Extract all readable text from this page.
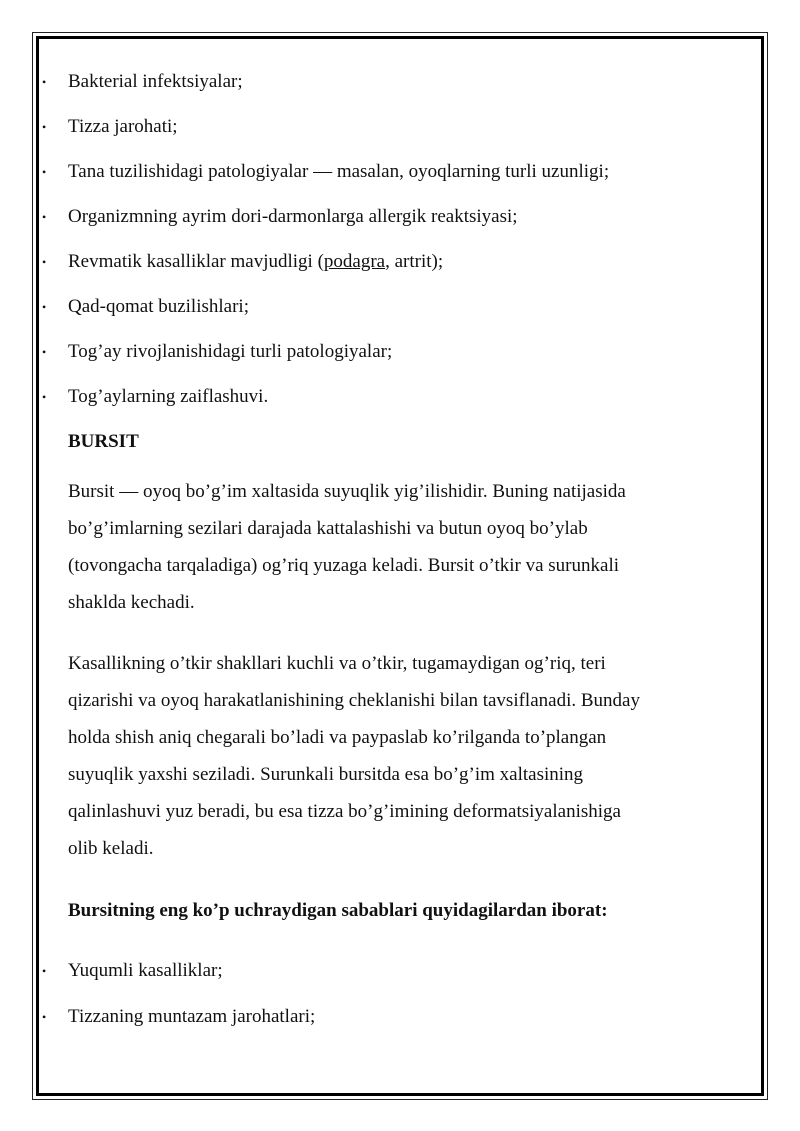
• Bakterial infektsiyalar;
• Tizza jarohati;
• Tana tuzilishidagi patologiyalar — masalan, oyoqlarning turli uzunligi;
• Organizmning ayrim dori-darmonlarga allergik reaktsiyasi;
• Revmatik kasalliklar mavjudligi (podagra, artrit);
• Qad-qomat buzilishlari;
• Tog’ay rivojlanishidagi turli patologiyalar;
• Tog’aylarning zaiflashuvi.
BURSIT
Bursit — oyoq bo’g’im xaltasida suyuqlik yig’ilishidir. Buning natijasida
bo’g’imlarning sezilari darajada kattalashishi va butun oyoq bo’ylab
(tovongacha tarqaladiga) og’riq yuzaga keladi. Bursit o’tkir va surunkali
shaklda kechadi.
Kasallikning o’tkir shakllari kuchli va o’tkir, tugamaydigan og’riq, teri
qizarishi va oyoq harakatlanishining cheklanishi bilan tavsiflanadi. Bunday
holda shish aniq chegarali bo’ladi va paypaslab ko’rilganda to’plangan
suyuqlik yaxshi seziladi. Surunkali bursitda esa bo’g’im xaltasining
qalinlashuvi yuz beradi, bu esa tizza bo’g’imining deformatsiyalanishiga
olib keladi.
Bursitning eng ko’p uchraydigan sabablari quyidagilardan iborat:
• Yuqumli kasalliklar;
• Tizzaning muntazam jarohatlari;
